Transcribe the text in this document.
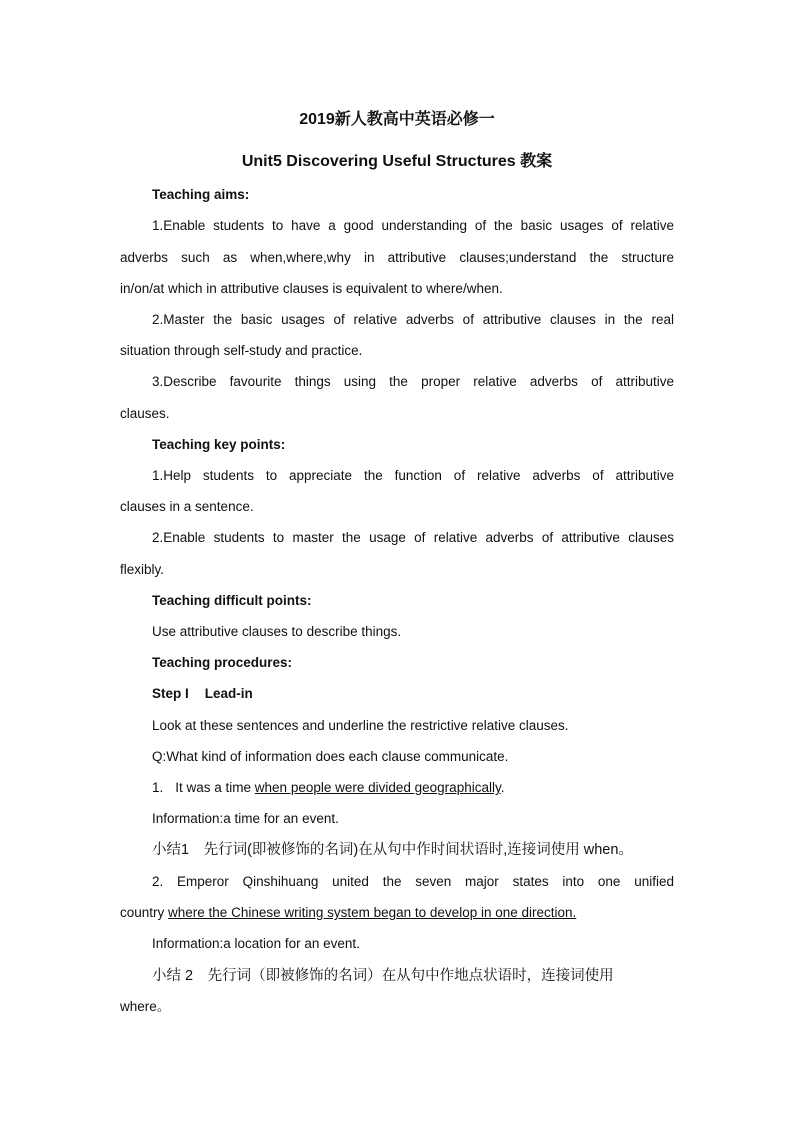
2019新人教高中英语必修一
Unit5 Discovering Useful Structures 教案
Teaching aims:
1.Enable students to have a good understanding of the basic usages of relative
adverbs such as when,where,why in attributive clauses;understand the structure
in/on/at which in attributive clauses is equivalent to where/when.
2.Master the basic usages of relative adverbs of attributive clauses in the real
situation through self-study and practice.
3.Describe favourite things using the proper relative adverbs of attributive
clauses.
Teaching key points:
1.Help students to appreciate the function of relative adverbs of attributive
clauses in a sentence.
2.Enable students to master the usage of relative adverbs of attributive clauses
flexibly.
Teaching difficult points:
Use attributive clauses to describe things.
Teaching procedures:
Step I Lead-in
Look at these sentences and underline the restrictive relative clauses.
Q:What kind of information does each clause communicate.
1. It was a time when people were divided geographically.
Information:a time for an event.
小结1　先行词(即被修饰的名词)在从句中作时间状语时,连接词使用 when。
2. Emperor Qinshihuang united the seven major states into one unified
country where the Chinese writing system began to develop in one direction.
Information:a location for an event.
小结 2　先行词（即被修饰的名词）在从句中作地点状语时，连接词使用
where。
